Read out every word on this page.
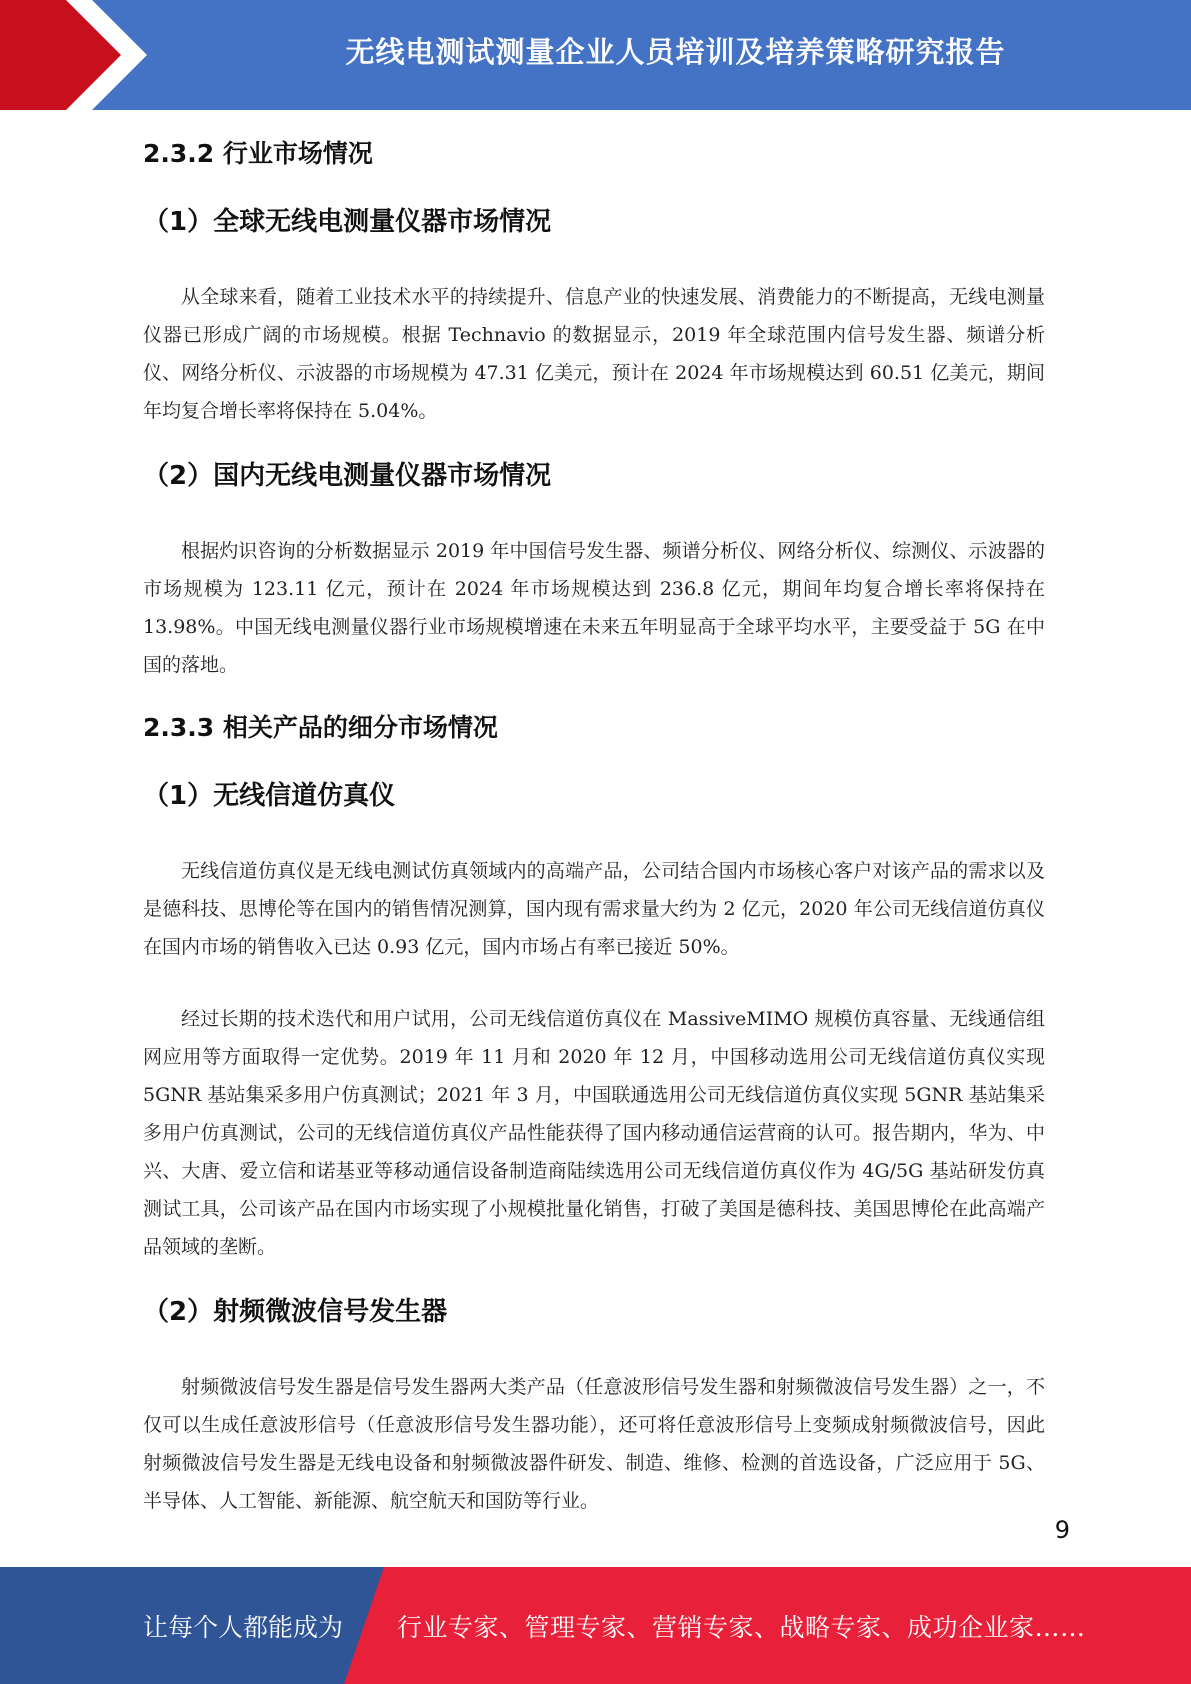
无线电测试测量企业人员培训及培养策略研究报告
2.3.2 行业市场情况
（1）全球无线电测量仪器市场情况

从全球来看，随着工业技术水平的持续提升、信息产业的快速发展、消费能力的不断提高，无线电测量仪器已形成广阔的市场规模。根据 Technavio 的数据显示，2019 年全球范围内信号发生器、频谱分析仪、网络分析仪、示波器的市场规模为 47.31 亿美元，预计在 2024 年市场规模达到 60.51 亿美元，期间年均复合增长率将保持在 5.04%。

（2）国内无线电测量仪器市场情况

根据灼识咨询的分析数据显示 2019 年中国信号发生器、频谱分析仪、网络分析仪、综测仪、示波器的市场规模为 123.11 亿元，预计在 2024 年市场规模达到 236.8 亿元，期间年均复合增长率将保持在 13.98%。中国无线电测量仪器行业市场规模增速在未来五年明显高于全球平均水平，主要受益于 5G 在中国的落地。

2.3.3 相关产品的细分市场情况
（1）无线信道仿真仪

无线信道仿真仪是无线电测试仿真领域内的高端产品，公司结合国内市场核心客户对该产品的需求以及是德科技、思博伦等在国内的销售情况测算，国内现有需求量大约为 2 亿元，2020 年公司无线信道仿真仪在国内市场的销售收入已达 0.93 亿元，国内市场占有率已接近 50%。

经过长期的技术迭代和用户试用，公司无线信道仿真仪在 MassiveMIMO 规模仿真容量、无线通信组网应用等方面取得一定优势。2019 年 11 月和 2020 年 12 月，中国移动选用公司无线信道仿真仪实现 5GNR 基站集采多用户仿真测试；2021 年 3 月，中国联通选用公司无线信道仿真仪实现 5GNR 基站集采多用户仿真测试，公司的无线信道仿真仪产品性能获得了国内移动通信运营商的认可。报告期内，华为、中兴、大唐、爱立信和诺基亚等移动通信设备制造商陆续选用公司无线信道仿真仪作为 4G/5G 基站研发仿真测试工具，公司该产品在国内市场实现了小规模批量化销售，打破了美国是德科技、美国思博伦在此高端产品领域的垄断。

（2）射频微波信号发生器

射频微波信号发生器是信号发生器两大类产品（任意波形信号发生器和射频微波信号发生器）之一，不仅可以生成任意波形信号（任意波形信号发生器功能），还可将任意波形信号上变频成射频微波信号，因此射频微波信号发生器是无线电设备和射频微波器件研发、制造、维修、检测的首选设备，广泛应用于 5G、半导体、人工智能、新能源、航空航天和国防等行业。

9
让每个人都能成为 行业专家、管理专家、营销专家、战略专家、成功企业家……
